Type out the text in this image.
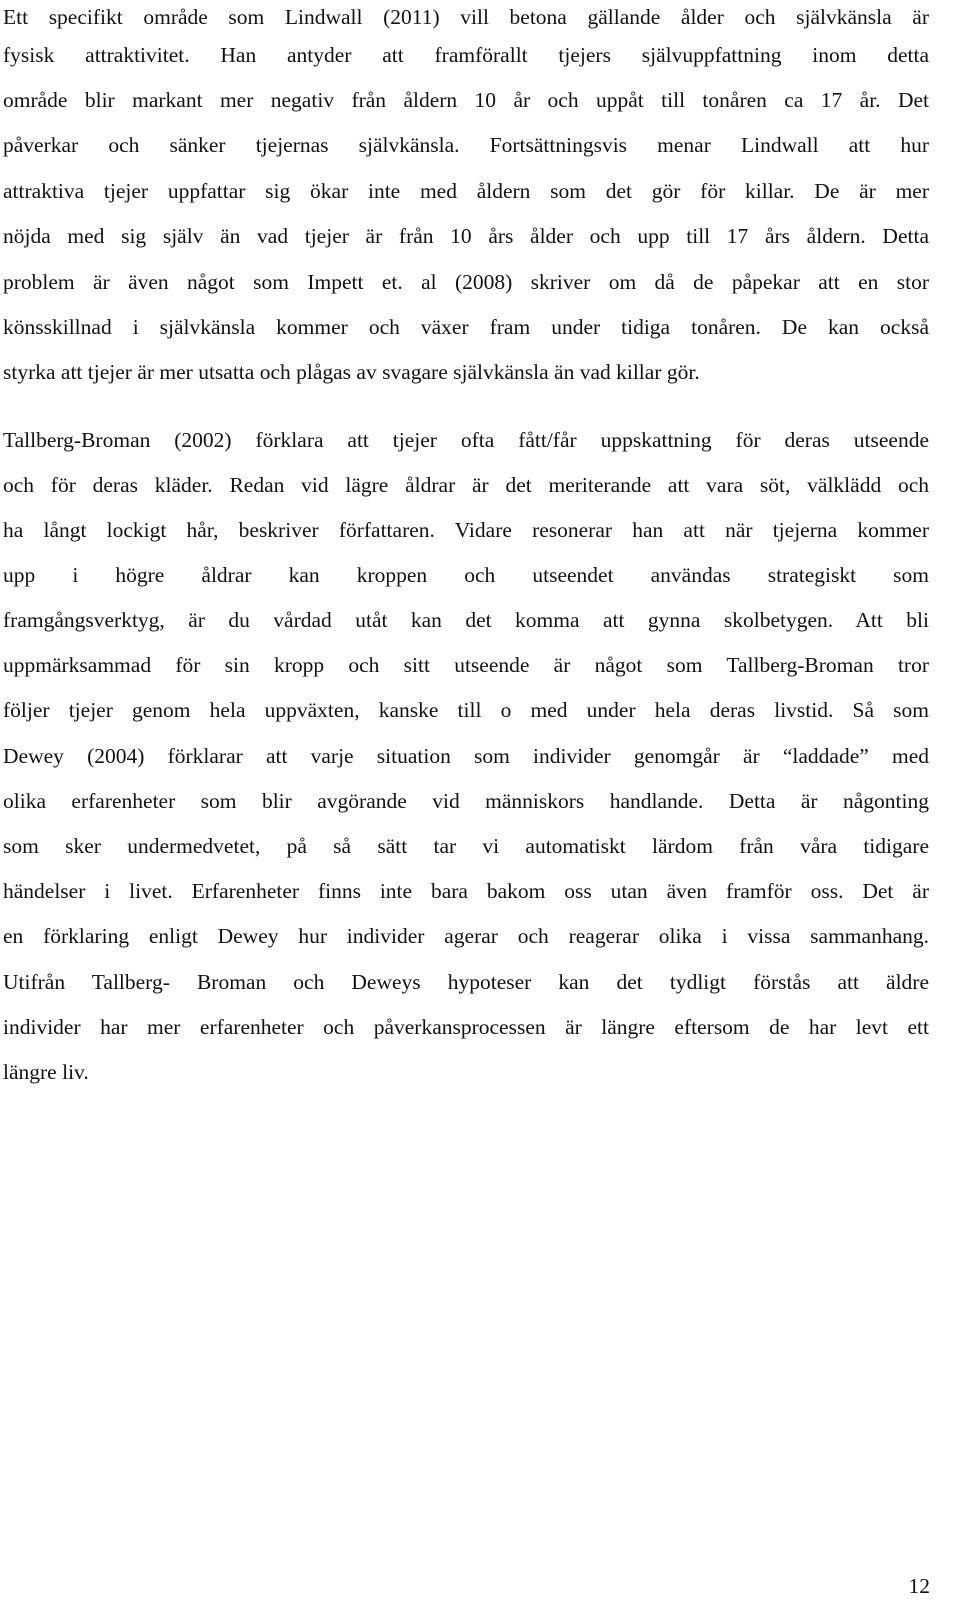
Ett specifikt område som Lindwall (2011) vill betona gällande ålder och självkänsla är
fysisk attraktivitet. Han antyder att framförallt tjejers självuppfattning inom detta
område blir markant mer negativ från åldern 10 år och uppåt till tonåren ca 17 år. Det
påverkar och sänker tjejernas självkänsla. Fortsättningsvis menar Lindwall att hur
attraktiva tjejer uppfattar sig ökar inte med åldern som det gör för killar. De är mer
nöjda med sig själv än vad tjejer är från 10 års ålder och upp till 17 års åldern. Detta
problem är även något som Impett et. al (2008) skriver om då de påpekar att en stor
könsskillnad i självkänsla kommer och växer fram under tidiga tonåren. De kan också
styrka att tjejer är mer utsatta och plågas av svagare självkänsla än vad killar gör.
Tallberg-Broman (2002) förklara att tjejer ofta fått/får uppskattning för deras utseende
och för deras kläder. Redan vid lägre åldrar är det meriterande att vara söt, välklädd och
ha långt lockigt hår, beskriver författaren. Vidare resonerar han att när tjejerna kommer
upp i högre åldrar kan kroppen och utseendet användas strategiskt som
framgångsverktyg, är du vårdad utåt kan det komma att gynna skolbetygen. Att bli
uppmärksammad för sin kropp och sitt utseende är något som Tallberg-Broman tror
följer tjejer genom hela uppväxten, kanske till o med under hela deras livstid. Så som
Dewey (2004) förklarar att varje situation som individer genomgår är “laddade” med
olika erfarenheter som blir avgörande vid människors handlande. Detta är någonting
som sker undermedvetet, på så sätt tar vi automatiskt lärdom från våra tidigare
händelser i livet. Erfarenheter finns inte bara bakom oss utan även framför oss. Det är
en förklaring enligt Dewey hur individer agerar och reagerar olika i vissa sammanhang.
Utifrån Tallberg- Broman och Deweys hypoteser kan det tydligt förstås att äldre
individer har mer erfarenheter och påverkansprocessen är längre eftersom de har levt ett
längre liv.
12
